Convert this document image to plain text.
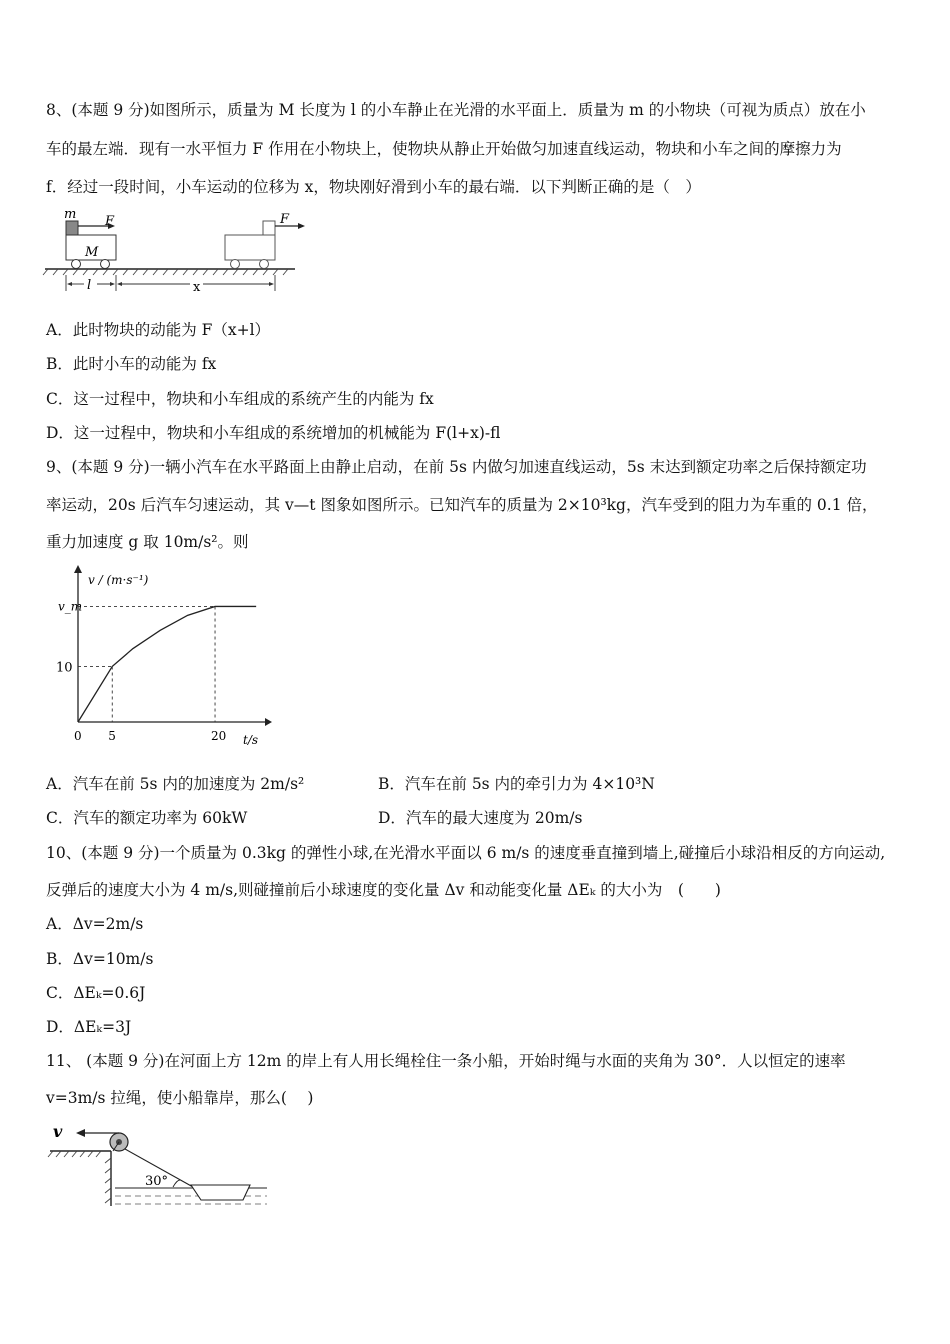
8、(本题 9 分)如图所示，质量为 M 长度为 l 的小车静止在光滑的水平面上．质量为 m 的小物块（可视为质点）放在小
车的最左端．现有一水平恒力 F 作用在小物块上，使物块从静止开始做匀加速直线运动，物块和小车之间的摩擦力为
f．经过一段时间，小车运动的位移为 x，物块刚好滑到小车的最右端．以下判断正确的是（　）
m F
M
F
l	x
A．此时物块的动能为 F（x+l）
B．此时小车的动能为 fx
C．这一过程中，物块和小车组成的系统产生的内能为 fx
D．这一过程中，物块和小车组成的系统增加的机械能为 F(l+x)-fl
9、(本题 9 分)一辆小汽车在水平路面上由静止启动，在前 5s 内做匀加速直线运动，5s 末达到额定功率之后保持额定功
率运动，20s 后汽车匀速运动，其 v—t 图象如图所示。已知汽车的质量为 2×10³kg，汽车受到的阻力为车重的 0.1 倍，
重力加速度 g 取 10m/s²。则
v / (m·s⁻¹)
t/s
0 5	20
10
v_m
A．汽车在前 5s 内的加速度为 2m/s²	B．汽车在前 5s 内的牵引力为 4×10³N
C．汽车的额定功率为 60kW	D．汽车的最大速度为 20m/s
10、(本题 9 分)一个质量为 0.3kg 的弹性小球,在光滑水平面以 6 m/s 的速度垂直撞到墙上,碰撞后小球沿相反的方向运动,
反弹后的速度大小为 4 m/s,则碰撞前后小球速度的变化量 Δv 和动能变化量 ΔEₖ 的大小为　(　　)
A．Δv=2m/s
B．Δv=10m/s
C．ΔEₖ=0.6J
D．ΔEₖ=3J
11、 (本题 9 分)在河面上方 12m 的岸上有人用长绳栓住一条小船，开始时绳与水面的夹角为 30°．人以恒定的速率
v=3m/s 拉绳，使小船靠岸，那么(　 )
v
30°
